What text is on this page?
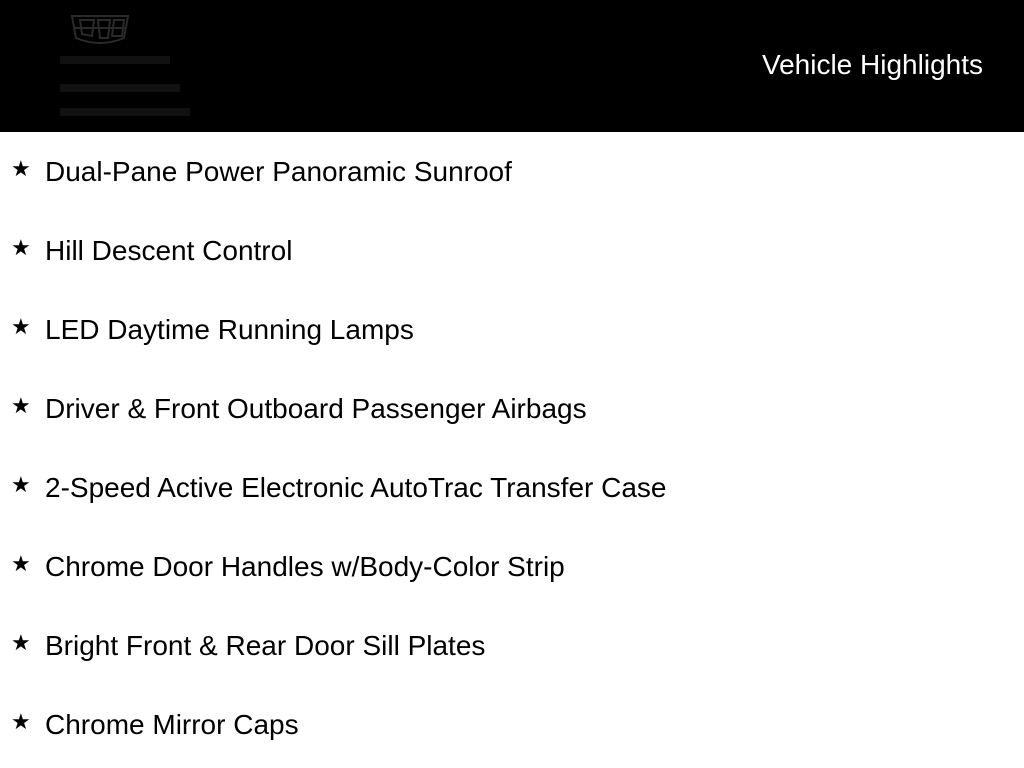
Vehicle Highlights
★ Dual-Pane Power Panoramic Sunroof
★ Hill Descent Control
★ LED Daytime Running Lamps
★ Driver & Front Outboard Passenger Airbags
★ 2-Speed Active Electronic AutoTrac Transfer Case
★ Chrome Door Handles w/Body-Color Strip
★ Bright Front & Rear Door Sill Plates
★ Chrome Mirror Caps
